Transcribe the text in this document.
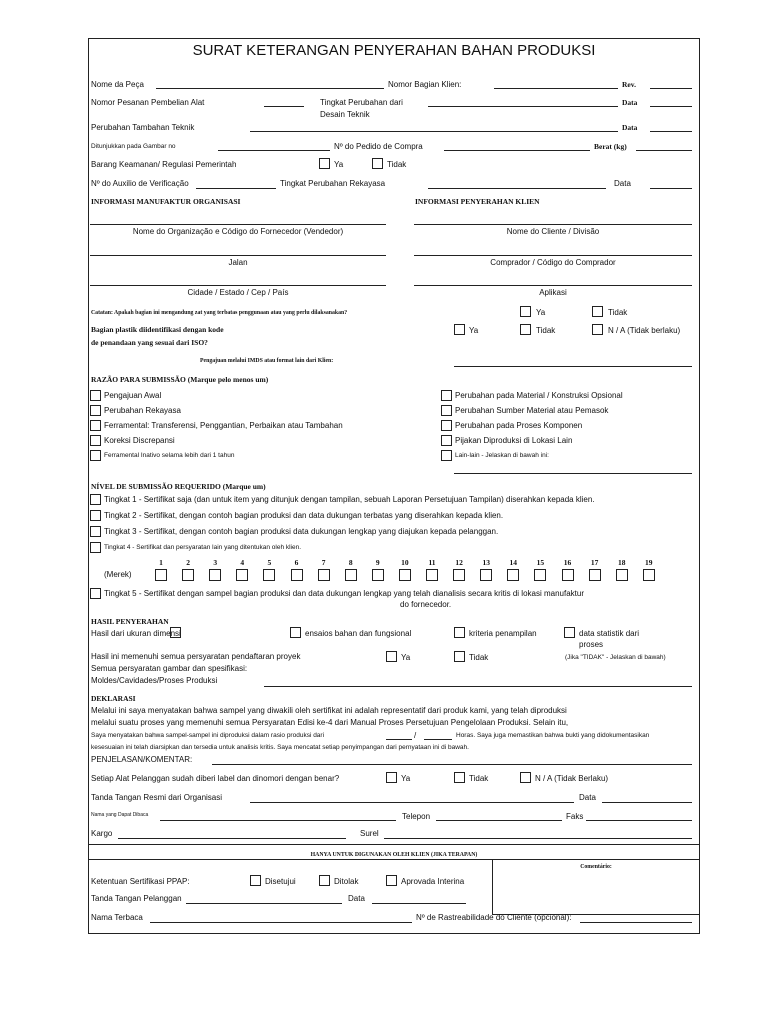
SURAT KETERANGAN PENYERAHAN BAHAN PRODUKSI
Nome da Peça	Nomor Bagian Klien:	Rev.
Nomor Pesanan Pembelian Alat	Tingkat Perubahan dari
Desain Teknik
Data
Perubahan Tambahan Teknik	Data
Ditunjukkan pada Gambar no	Nº do Pedido de Compra	Berat (kg)
Barang Keamanan/ Regulasi Pemerintah	Ya	Tidak
Nº do Auxilio de Verificação	Tingkat Perubahan Rekayasa	Data
INFORMASI MANUFAKTUR ORGANISASI	INFORMASI PENYERAHAN KLIEN
Nome do Organização e Código do Fornecedor (Vendedor)	Nome do Cliente / Divisão
Jalan	Comprador / Código do Comprador
Cidade / Estado / Cep / País	Aplikasi
Catatan: Apakah bagian ini mengandung zat yang terbatas penggunaan atau yang perlu dilaksanakan?	Ya	Tidak
Bagian plastik diidentifikasi dengan kode
de penandaan yang sesuai dari ISO?
Ya	Tidak	N / A (Tidak berlaku)
Pengajuan melalui IMDS atau format lain dari Klien:
RAZÃO PARA SUBMISSÃO (Marque pelo menos um)
Pengajuan Awal
Perubahan Rekayasa
Ferramental: Transferensi, Penggantian, Perbaikan atau Tambahan
Koreksi Discrepansi
Ferramental Inativo selama lebih dari 1 tahun
Perubahan pada Material / Konstruksi Opsional
Perubahan Sumber Material atau Pemasok
Perubahan pada Proses Komponen
Pijakan Diproduksi di Lokasi Lain
Lain-lain - Jelaskan di bawah ini:
NÍVEL DE SUBMISSÃO REQUERIDO (Marque um)
Tingkat 1 - Sertifikat saja (dan untuk item yang ditunjuk dengan tampilan, sebuah Laporan Persetujuan Tampilan) diserahkan kepada klien.
Tingkat 2 - Sertifikat, dengan contoh bagian produksi dan data dukungan terbatas yang diserahkan kepada klien.
Tingkat 3 - Sertifikat, dengan contoh bagian produksi data dukungan lengkap yang diajukan kepada pelanggan.
Tingkat 4 - Sertifikat dan persyaratan lain yang ditentukan oleh klien.
(Merek)
1	2	3	4	5	6	7	8	9	10	11	12	13	14	15	16	17	18	19
Tingkat 5 - Sertifikat dengan sampel bagian produksi dan data dukungan lengkap yang telah dianalisis secara kritis di lokasi manufaktur
do fornecedor.
HASIL PENYERAHAN
Hasil dari ukuran dimensi	ensaios bahan dan fungsional	kriteria penampilan	data statistik dari
proses
Hasil ini memenuhi semua persyaratan pendaftaran proyek	Ya	Tidak	(Jika "TIDAK" - Jelaskan di bawah)
Semua persyaratan gambar dan spesifikasi:
Moldes/Cavidades/Proses Produksi
DEKLARASI
Melalui ini saya menyatakan bahwa sampel yang diwakili oleh sertifikat ini adalah representatif dari produk kami, yang telah diproduksi
melalui suatu proses yang memenuhi semua Persyaratan Edisi ke-4 dari Manual Proses Persetujuan Pengelolaan Produksi. Selain itu,
Saya menyatakan bahwa sampel-sampel ini diproduksi dalam rasio produksi dari	/	Horas. Saya juga memastikan bahwa bukti yang didokumentasikan
kesesuaian ini telah diarsipkan dan tersedia untuk analisis kritis. Saya mencatat setiap penyimpangan dari pernyataan ini di bawah.
PENJELASAN/KOMENTAR:
Setiap Alat Pelanggan sudah diberi label dan dinomori dengan benar?	Ya	Tidak	N / A (Tidak Berlaku)
Tanda Tangan Resmi dari Organisasi	Data
Nama yang Dapat Dibaca	Telepon	Faks
Kargo	Surel
HANYA UNTUK DIGUNAKAN OLEH KLIEN (JIKA TERAPAN)
Comentário:
Ketentuan Sertifikasi PPAP:	Disetujui	Ditolak	Aprovada Interina
Tanda Tangan Pelanggan	Data
Nama Terbaca	Nº de Rastreabilidade do Cliente (opcional):
